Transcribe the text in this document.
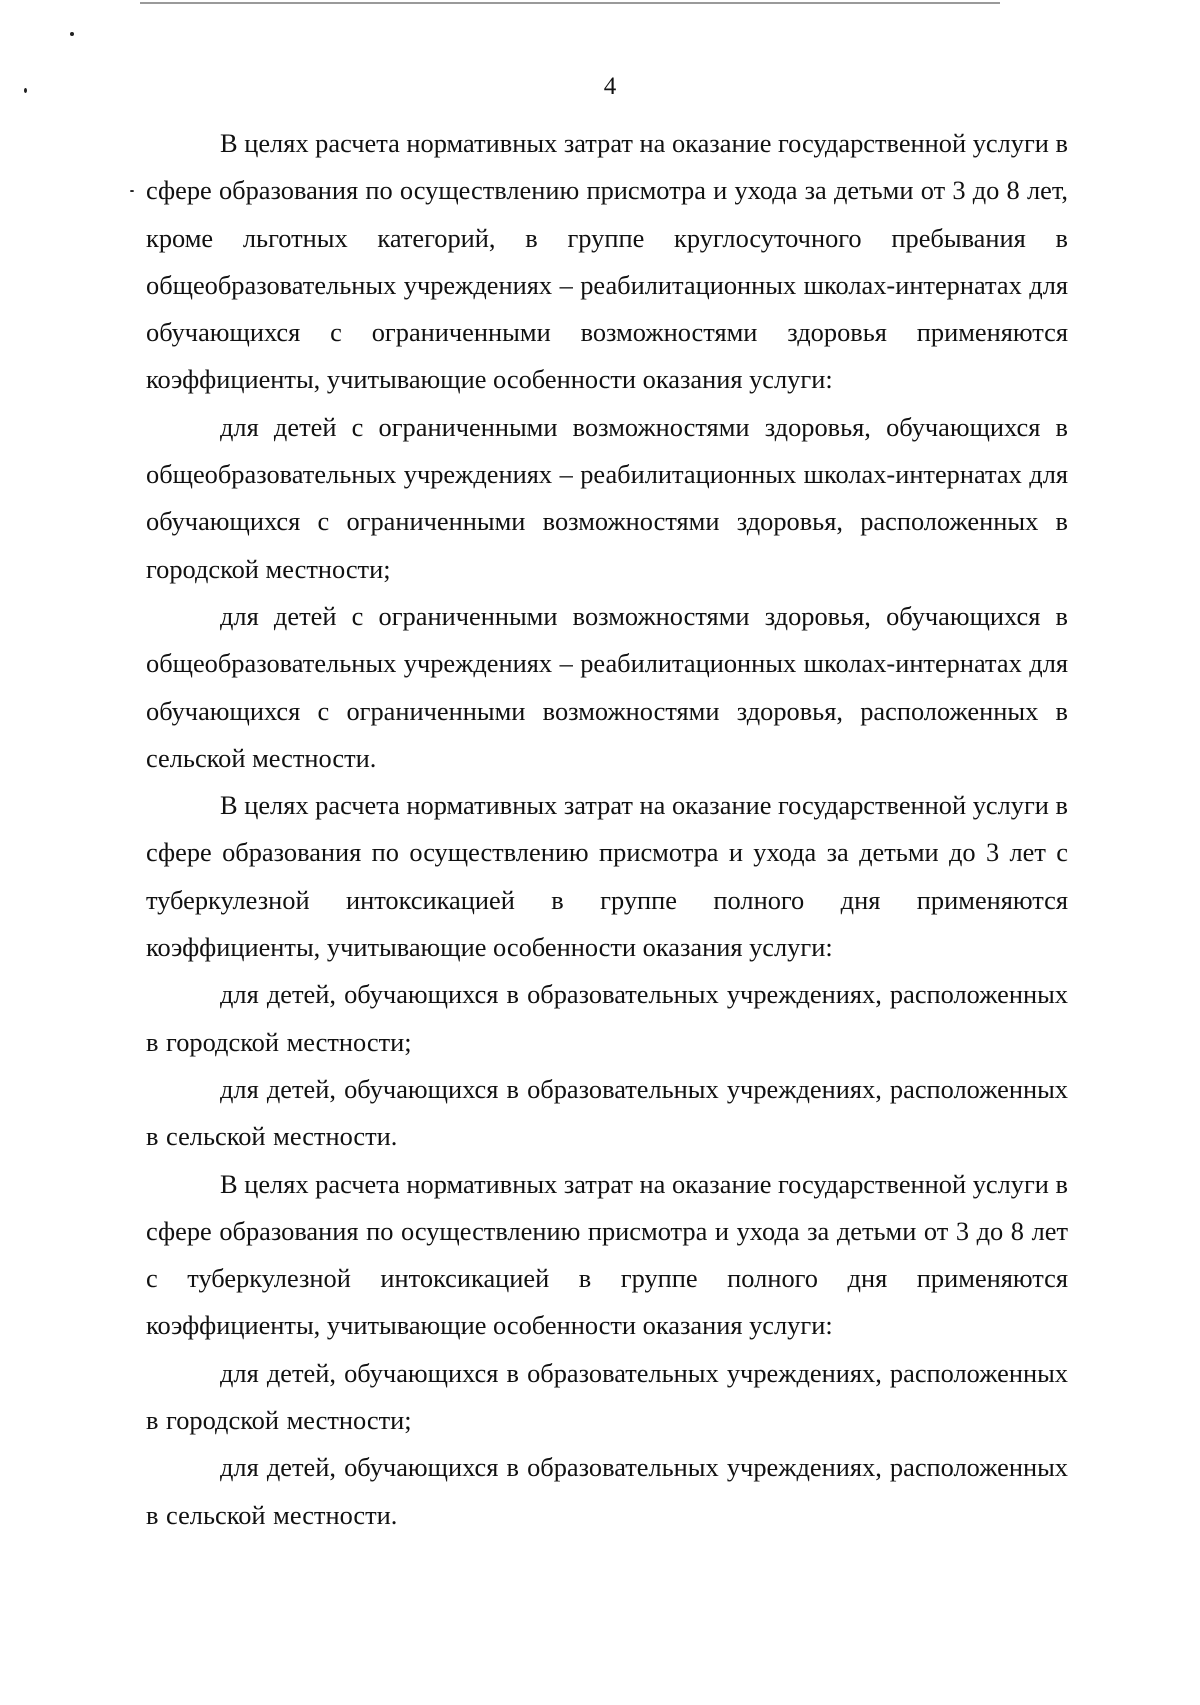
4

В целях расчета нормативных затрат на оказание государственной услуги в сфере образования по осуществлению присмотра и ухода за детьми от 3 до 8 лет, кроме льготных категорий, в группе круглосуточного пребывания в общеобразовательных учреждениях – реабилитационных школах-интернатах для обучающихся с ограниченными возможностями здоровья применяются коэффициенты, учитывающие особенности оказания услуги:

для детей с ограниченными возможностями здоровья, обучающихся в общеобразовательных учреждениях – реабилитационных школах-интернатах для обучающихся с ограниченными возможностями здоровья, расположенных в городской местности;

для детей с ограниченными возможностями здоровья, обучающихся в общеобразовательных учреждениях – реабилитационных школах-интернатах для обучающихся с ограниченными возможностями здоровья, расположенных в сельской местности.

В целях расчета нормативных затрат на оказание государственной услуги в сфере образования по осуществлению присмотра и ухода за детьми до 3 лет с туберкулезной интоксикацией в группе полного дня применяются коэффициенты, учитывающие особенности оказания услуги:

для детей, обучающихся в образовательных учреждениях, расположенных в городской местности;

для детей, обучающихся в образовательных учреждениях, расположенных в сельской местности.

В целях расчета нормативных затрат на оказание государственной услуги в сфере образования по осуществлению присмотра и ухода за детьми от 3 до 8 лет с туберкулезной интоксикацией в группе полного дня применяются коэффициенты, учитывающие особенности оказания услуги:

для детей, обучающихся в образовательных учреждениях, расположенных в городской местности;

для детей, обучающихся в образовательных учреждениях, расположенных в сельской местности.
